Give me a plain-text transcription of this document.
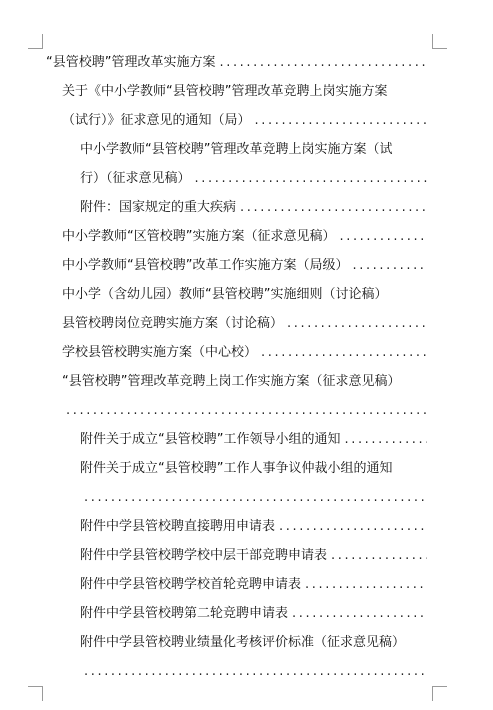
“县管校聘”管理改革实施方案
.....
关于《中小学教师“县管校聘”管理改革竞聘上岗实施方案
（试行）》征求意见的通知（局）
.....
中小学教师“县管校聘”管理改革竞聘上岗实施方案（试
行）（征求意见稿）
.....
附件：国家规定的重大疾病
.....
中小学教师“区管校聘”实施方案（征求意见稿）
.....
中小学教师“县管校聘”改革工作实施方案（局级）
.....
中小学（含幼儿园）教师“县管校聘”实施细则（讨论稿）
县管校聘岗位竞聘实施方案（讨论稿）
.....
学校县管校聘实施方案（中心校）
.....
“县管校聘”管理改革竞聘上岗工作实施方案（征求意见稿）
.....
附件关于成立“县管校聘”工作领导小组的通知
.....
附件关于成立“县管校聘”工作人事争议仲裁小组的通知
.....
附件中学县管校聘直接聘用申请表
.....
附件中学县管校聘学校中层干部竞聘申请表
.....
附件中学县管校聘学校首轮竞聘申请表
.....
附件中学县管校聘第二轮竞聘申请表
.....
附件中学县管校聘业绩量化考核评价标准（征求意见稿）
.....
